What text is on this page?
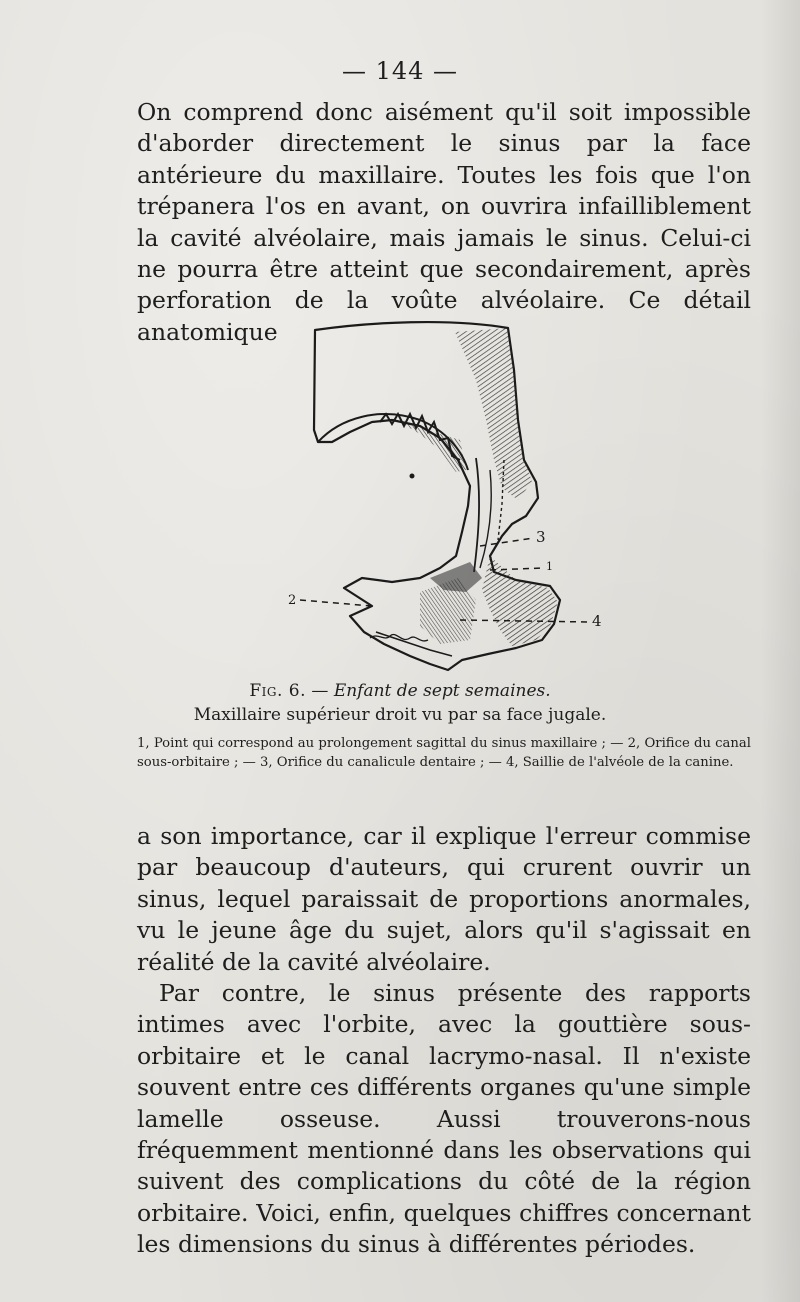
— 144 —

On comprend donc aisément qu'il soit impossible d'aborder directement le sinus par la face antérieure du maxillaire. Toutes les fois que l'on trépanera l'os en avant, on ouvrira infailliblement la cavité alvéolaire, mais jamais le sinus. Celui-ci ne pourra être atteint que secondairement, après perforation de la voûte alvéolaire. Ce détail anatomique

2
3
1
4
Fig. 6. — Enfant de sept semaines.
Maxillaire supérieur droit vu par sa face jugale.

1, Point qui correspond au prolongement sagittal du sinus maxillaire ; — 2, Orifice du canal sous-orbitaire ; — 3, Orifice du canalicule dentaire ; — 4, Saillie de l'alvéole de la canine.

a son importance, car il explique l'erreur commise par beaucoup d'auteurs, qui crurent ouvrir un sinus, lequel paraissait de proportions anormales, vu le jeune âge du sujet, alors qu'il s'agissait en réalité de la cavité alvéolaire.

Par contre, le sinus présente des rapports intimes avec l'orbite, avec la gouttière sous-orbitaire et le canal lacrymo-nasal. Il n'existe souvent entre ces différents organes qu'une simple lamelle osseuse. Aussi trouverons-nous fréquemment mentionné dans les observations qui suivent des complications du côté de la région orbitaire. Voici, enfin, quelques chiffres concernant les dimensions du sinus à différentes périodes.
